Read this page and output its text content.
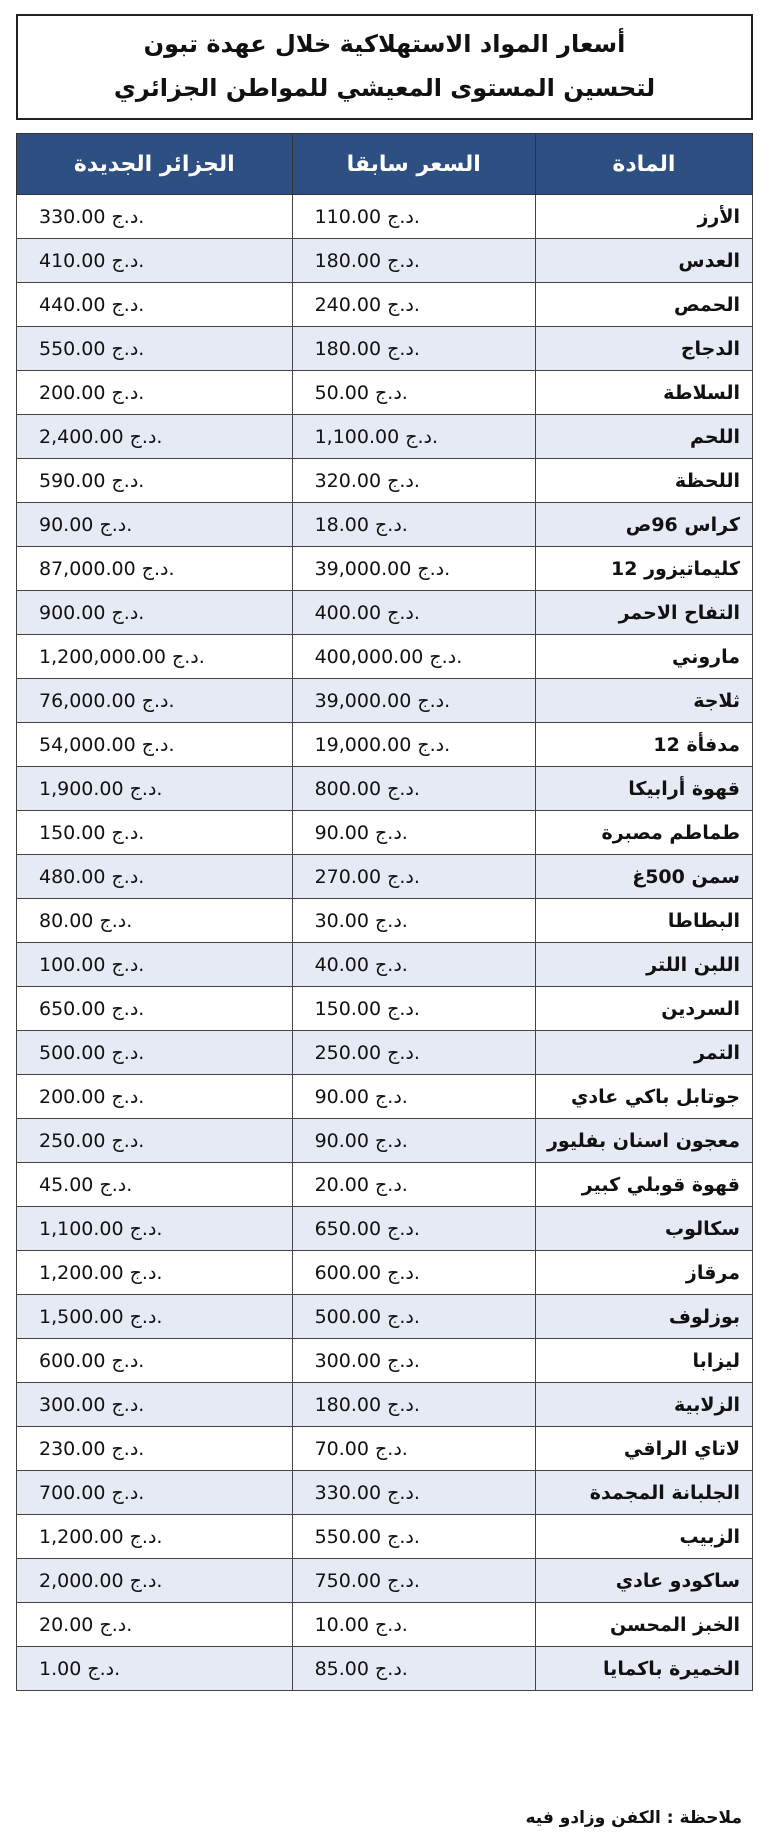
أسعار المواد الاستهلاكية خلال عهدة تبون
لتحسين المستوى المعيشي للمواطن الجزائري
الجزائر الجديدة	السعر سابقا	المادة
330.00 د.ج.	110.00 د.ج.	الأرز
410.00 د.ج.	180.00 د.ج.	العدس
440.00 د.ج.	240.00 د.ج.	الحمص
550.00 د.ج.	180.00 د.ج.	الدجاج
200.00 د.ج.	50.00 د.ج.	السلاطة
2,400.00 د.ج.	1,100.00 د.ج.	اللحم
590.00 د.ج.	320.00 د.ج.	اللحظة
90.00 د.ج.	18.00 د.ج.	كراس 96ص
87,000.00 د.ج.	39,000.00 د.ج.	كليماتيزور 12
900.00 د.ج.	400.00 د.ج.	التفاح الاحمر
1,200,000.00 د.ج.	400,000.00 د.ج.	ماروني
76,000.00 د.ج.	39,000.00 د.ج.	ثلاجة
54,000.00 د.ج.	19,000.00 د.ج.	مدفأة 12
1,900.00 د.ج.	800.00 د.ج.	قهوة أرابيكا
150.00 د.ج.	90.00 د.ج.	طماطم مصبرة
480.00 د.ج.	270.00 د.ج.	سمن 500غ
80.00 د.ج.	30.00 د.ج.	البطاطا
100.00 د.ج.	40.00 د.ج.	اللبن اللتر
650.00 د.ج.	150.00 د.ج.	السردين
500.00 د.ج.	250.00 د.ج.	التمر
200.00 د.ج.	90.00 د.ج.	جوتابل باكي عادي
250.00 د.ج.	90.00 د.ج.	معجون اسنان بفليور
45.00 د.ج.	20.00 د.ج.	قهوة قوبلي كبير
1,100.00 د.ج.	650.00 د.ج.	سكالوب
1,200.00 د.ج.	600.00 د.ج.	مرقاز
1,500.00 د.ج.	500.00 د.ج.	بوزلوف
600.00 د.ج.	300.00 د.ج.	ليزابا
300.00 د.ج.	180.00 د.ج.	الزلابية
230.00 د.ج.	70.00 د.ج.	لاتاي الراقي
700.00 د.ج.	330.00 د.ج.	الجلبانة المجمدة
1,200.00 د.ج.	550.00 د.ج.	الزبيب
2,000.00 د.ج.	750.00 د.ج.	ساكودو عادي
20.00 د.ج.	10.00 د.ج.	الخبز المحسن
1.00 د.ج.	85.00 د.ج.	الخميرة باكمايا
ملاحظة : الكفن وزادو فيه
